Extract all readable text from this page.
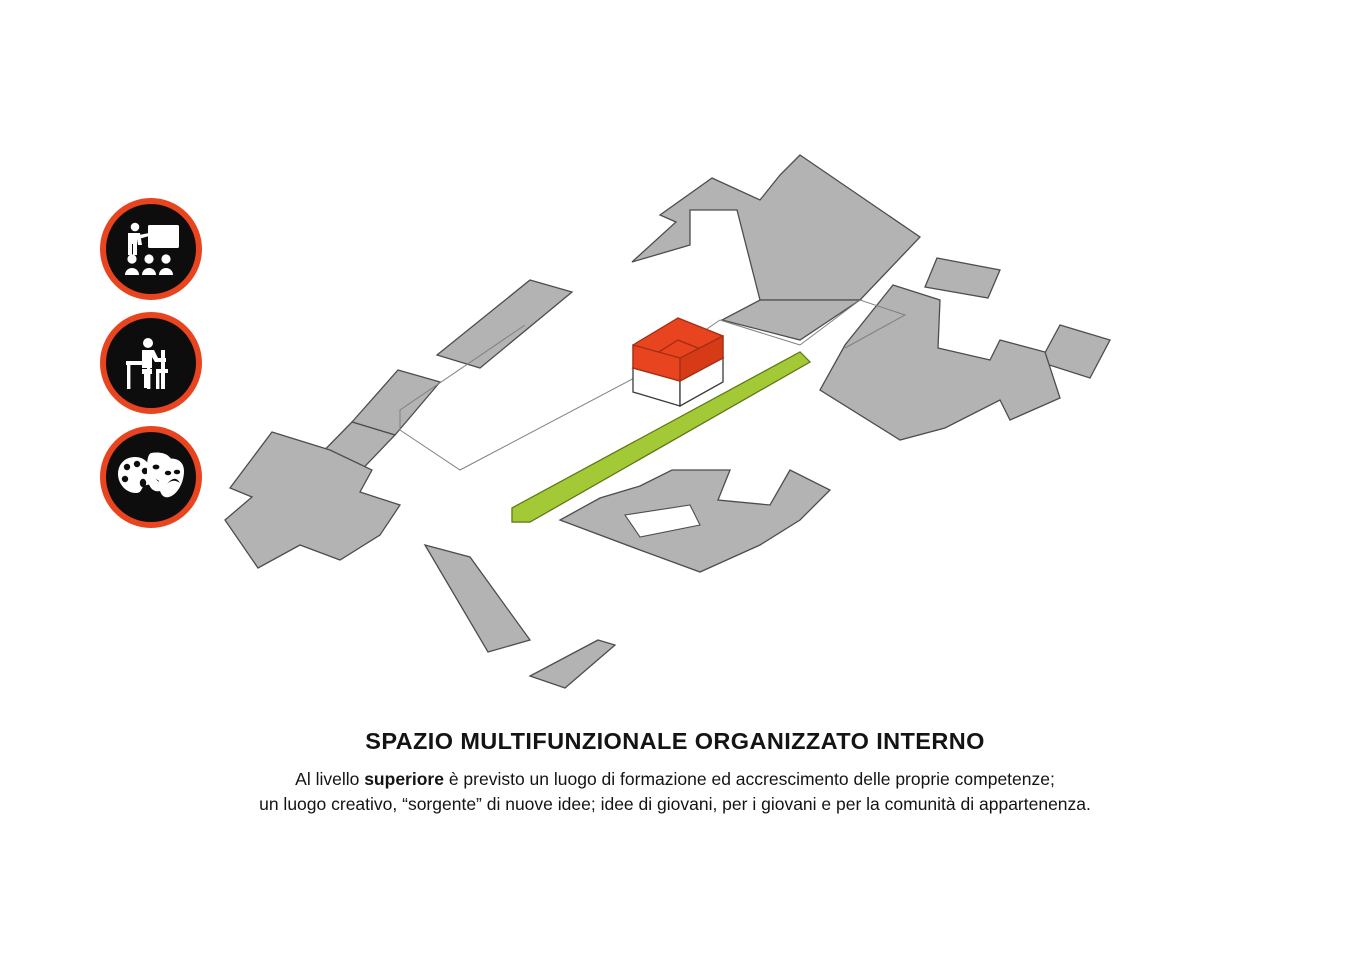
SPAZIO MULTIFUNZIONALE ORGANIZZATO INTERNO

Al livello superiore è previsto un luogo di formazione ed accrescimento delle proprie competenze;
un luogo creativo, “sorgente” di nuove idee; idee di giovani, per i giovani e per la comunità di appartenenza.
